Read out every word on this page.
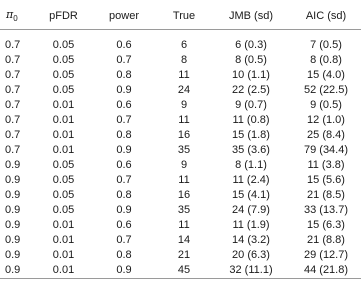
$\pi_0$	pFDR	power	True	JMB (sd)	AIC (sd)

0.7	0.05	0.6	6	6 (0.3)	7 (0.5)
0.7	0.05	0.7	8	8 (0.5)	8 (0.8)
0.7	0.05	0.8	11	10 (1.1)	15 (4.0)
0.7	0.05	0.9	24	22 (2.5)	52 (22.5)
0.7	0.01	0.6	9	9 (0.7)	9 (0.5)
0.7	0.01	0.7	11	11 (0.8)	12 (1.0)
0.7	0.01	0.8	16	15 (1.8)	25 (8.4)
0.7	0.01	0.9	35	35 (3.6)	79 (34.4)
0.9	0.05	0.6	9	8 (1.1)	11 (3.8)
0.9	0.05	0.7	11	11 (2.4)	15 (5.6)
0.9	0.05	0.8	16	15 (4.1)	21 (8.5)
0.9	0.05	0.9	35	24 (7.9)	33 (13.7)
0.9	0.01	0.6	11	11 (1.9)	15 (6.3)
0.9	0.01	0.7	14	14 (3.2)	21 (8.8)
0.9	0.01	0.8	21	20 (6.3)	29 (12.7)
0.9	0.01	0.9	45	32 (11.1)	44 (21.8)
